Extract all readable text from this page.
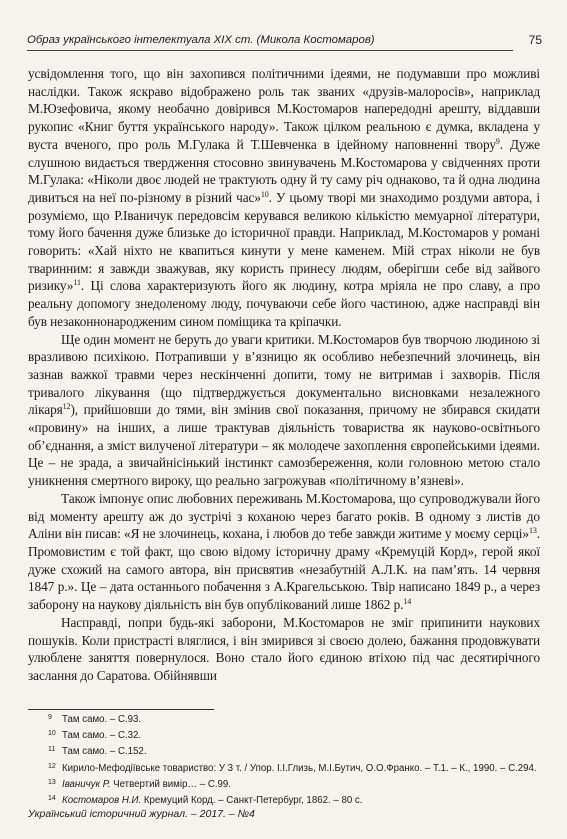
Образ українського інтелектуала ХІХ ст. (Микола Костомаров)	75

усвідомлення того, що він захопився політичними ідеями, не подумавши про можливі наслідки. Також яскраво відображено роль так званих «друзів-малоросів», наприклад М.Юзефовича, якому необачно довірився М.Костомаров напередодні арешту, віддавши рукопис «Книг буття українського народу». Також цілком реальною є думка, вкладена у вуста вченого, про роль М.Гулака й Т.Шевченка в ідейному наповненні твору$^9$. Дуже слушною видається твердження стосовно звинувачень М.Костомарова у свідченнях проти М.Гулака: «Ніколи двоє людей не трактують одну й ту саму річ однаково, та й одна людина дивиться на неї по-різному в різний час»$^{10}$. У цьому творі ми знаходимо роздуми автора, і розуміємо, що Р.Іваничук передовсім керувався великою кількістю мемуарної літератури, тому його бачення дуже близьке до історичної правди. Наприклад, М.Костомаров у романі говорить: «Хай ніхто не квапиться кинути у мене каменем. Мій страх ніколи не був тваринним: я завжди зважував, яку користь принесу людям, оберігши себе від зайвого ризику»$^{11}$. Ці слова характеризують його як людину, котра мріяла не про славу, а про реальну допомогу знедоленому люду, почуваючи себе його частиною, адже насправді він був незаконнонародженим сином поміщика та кріпачки.

Ще один момент не беруть до уваги критики. М.Костомаров був творчою людиною зі вразливою психікою. Потрапивши у в’язницю як особливо небезпечний злочинець, він зазнав важкої травми через нескінченні допити, тому не витримав і захворів. Після тривалого лікування (що підтверджується документально висновками незалежного лікаря$^{12}$), прийшовши до тями, він змінив свої показання, причому не збирався скидати «провину» на інших, а лише трактував діяльність товариства як науково-освітнього об’єднання, а зміст вилученої літератури – як молодече захоплення європейськими ідеями. Це – не зрада, а звичайнісінький інстинкт самозбереження, коли головною метою стало уникнення смертного вироку, що реально загрожував «політичному в’язневі».

Також імпонує опис любовних переживань М.Костомарова, що супроводжували його від моменту арешту аж до зустрічі з коханою через багато років. В одному з листів до Аліни він писав: «Я не злочинець, кохана, і любов до тебе завжди житиме у моєму серці»$^{13}$. Промовистим є той факт, що свою відому історичну драму «Кремуцій Корд», герой якої дуже схожий на самого автора, він присвятив «незабутній А.Л.К. на пам’ять. 14 червня 1847 р.». Це – дата останнього побачення з А.Крагельською. Твір написано 1849 р., а через заборону на наукову діяльність він був опублікований лише 1862 р.$^{14}$

Насправді, попри будь-які заборони, М.Костомаров не зміг припинити наукових пошуків. Коли пристрасті вляглися, і він змирився зі своєю долею, бажання продовжувати улюблене заняття повернулося. Воно стало його єдиною втіхою під час десятирічного заслання до Саратова. Обійнявши

9 Там само. – С.93.
10 Там само. – С.32.
11 Там само. – С.152.
12 Кирило-Мефодіївське товариство: У 3 т. / Упор. І.І.Глизь, М.І.Бутич, О.О.Франко. – Т.1. – К., 1990. – С.294.
13 Іваничук Р. Четвертий вимір… – С.99.
14 Костомаров Н.И. Кремуций Корд. – Санкт-Петербург, 1862. – 80 с.
Український історичний журнал. – 2017. – №4
